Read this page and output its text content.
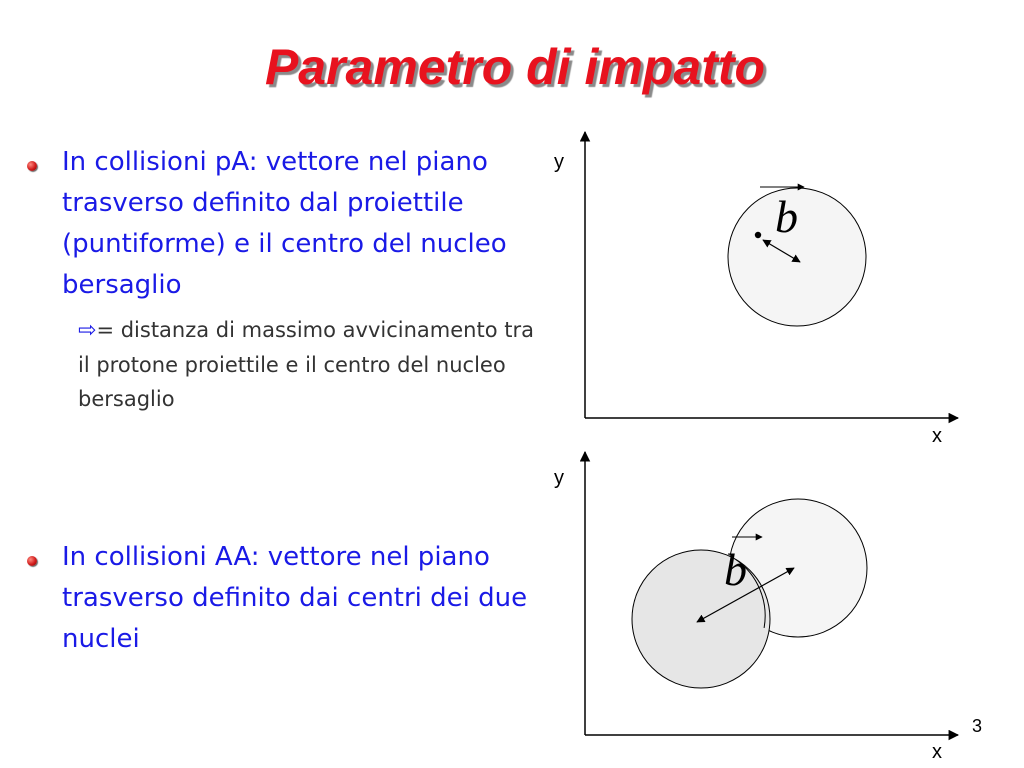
Parametro di impatto
In collisioni pA: vettore nel piano trasverso definito dal proiettile (puntiforme) e il centro del nucleo bersaglio
⇨= distanza di massimo avvicinamento tra il protone proiettile e il centro del nucleo bersaglio
In collisioni AA: vettore nel piano trasverso definito dai centri dei due nuclei
b
b
y
x
y
x
3
